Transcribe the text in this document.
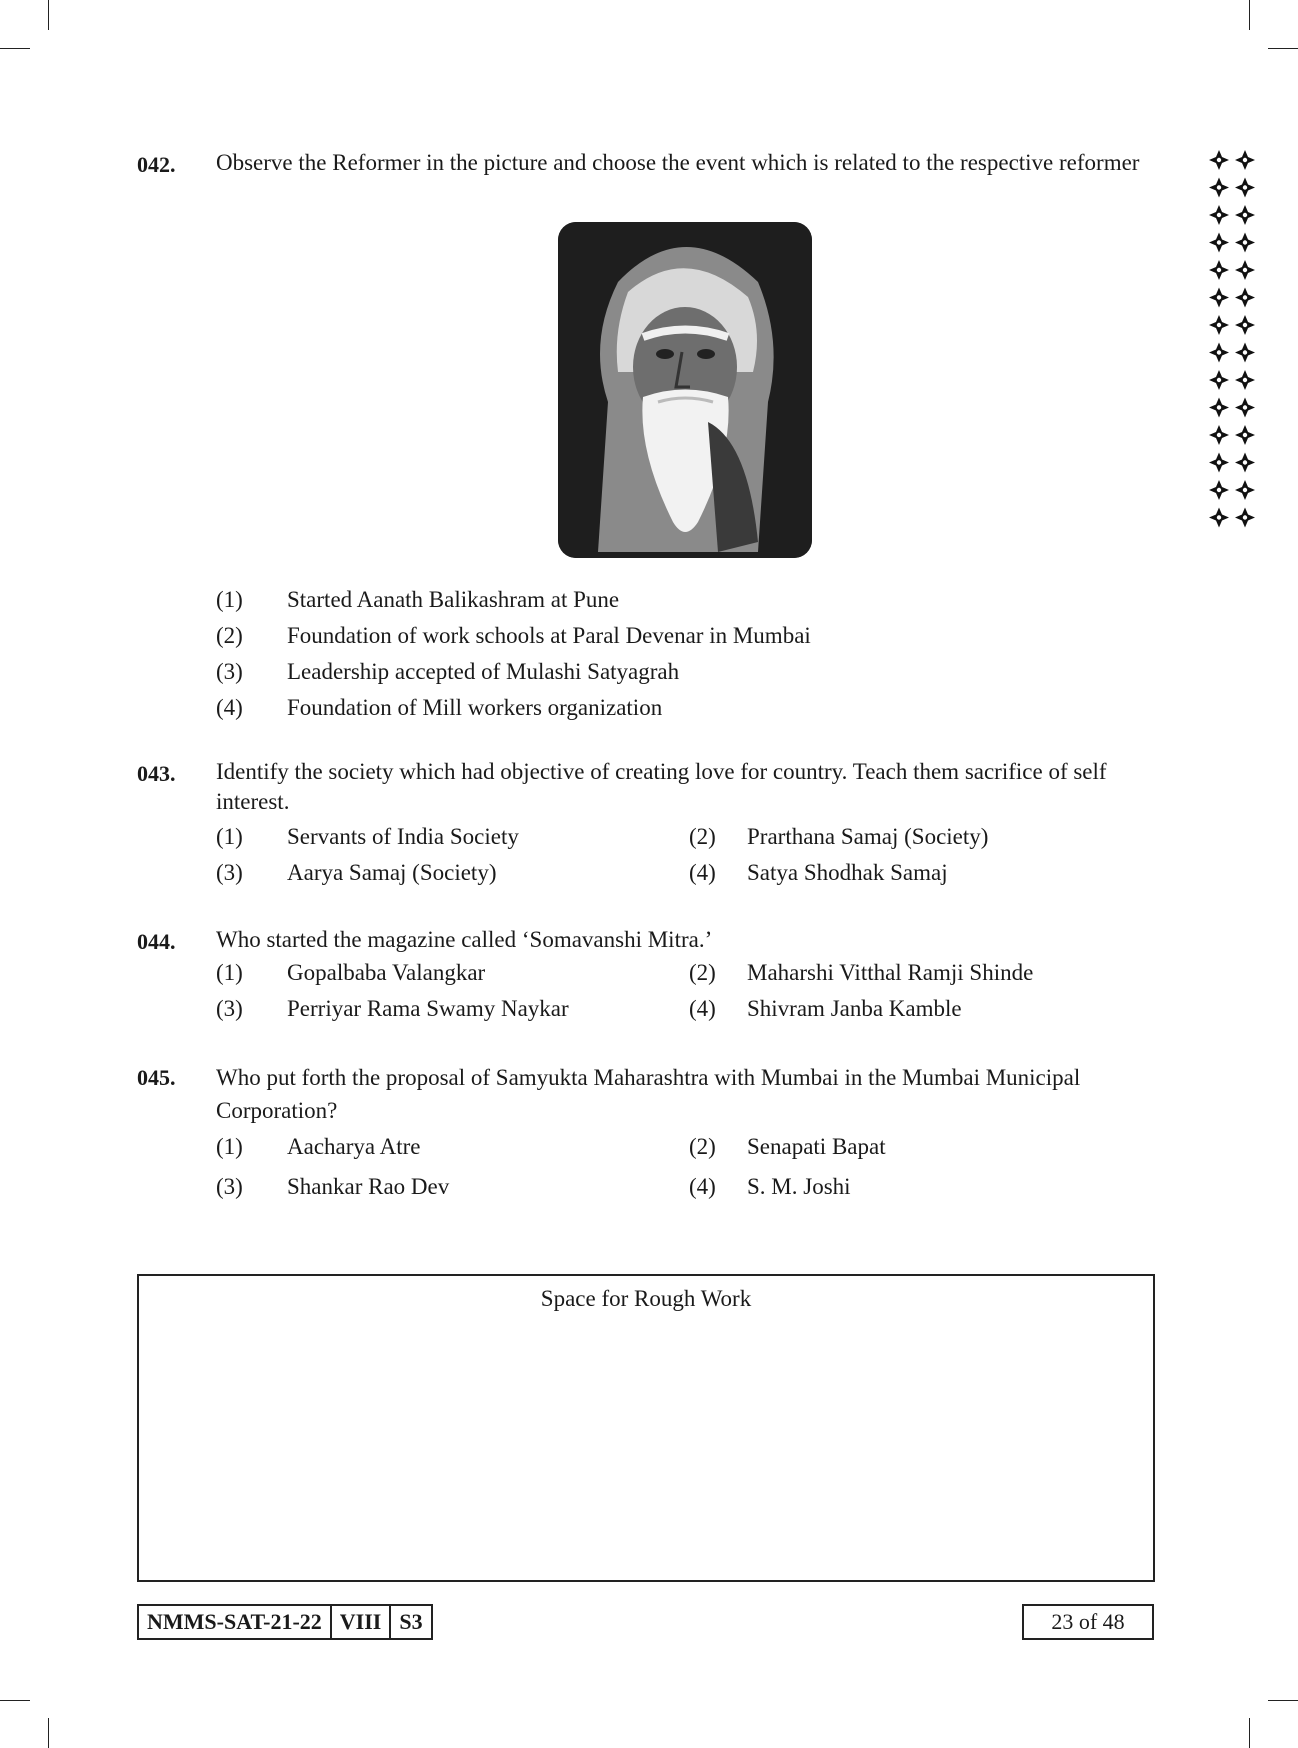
042. Observe the Reformer in the picture and choose the event which is related to the respective reformer
(1) Started Aanath Balikashram at Pune
(2) Foundation of work schools at Paral Devenar in Mumbai
(3) Leadership accepted of Mulashi Satyagrah
(4) Foundation of Mill workers organization
043. Identify the society which had objective of creating love for country. Teach them sacrifice of self interest.
(1) Servants of India Society	(2) Prarthana Samaj (Society)
(3) Aarya Samaj (Society)	(4) Satya Shodhak Samaj
044. Who started the magazine called ‘Somavanshi Mitra.’
(1) Gopalbaba Valangkar	(2) Maharshi Vitthal Ramji Shinde
(3) Perriyar Rama Swamy Naykar	(4) Shivram Janba Kamble
045. Who put forth the proposal of Samyukta Maharashtra with Mumbai in the Mumbai Municipal Corporation?
(1) Aacharya Atre	(2) Senapati Bapat
(3) Shankar Rao Dev	(4) S. M. Joshi
Space for Rough Work
NMMS-SAT-21-22 VIII S3	23 of 48
